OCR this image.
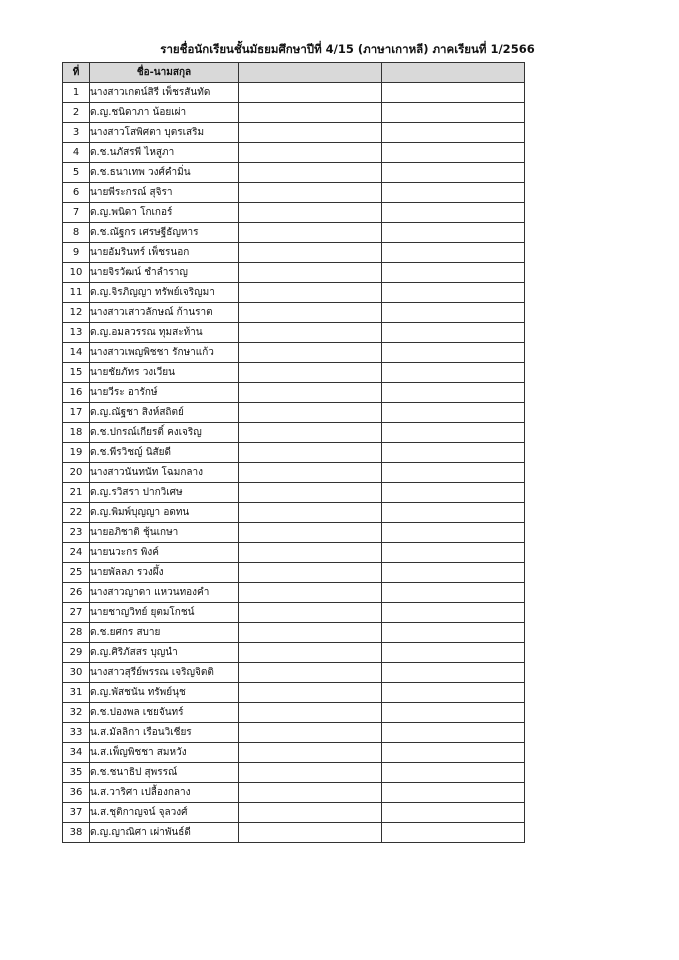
รายชื่อนักเรียนชั้นมัธยมศึกษาปีที่ 4/15 (ภาษาเกาหลี) ภาคเรียนที่ 1/2566
ที่	ชื่อ-นามสกุล		
1	นางสาวเกตน์สิรี เพ็ชรสันทัด		
2	ด.ญ.ชนิดาภา น้อยเผ่า		
3	นางสาวโสพิศตา บุตรเสริม		
4	ด.ช.นภัสรพี ไหสูภา		
5	ด.ช.ธนาเทพ วงศ์คำมิ่น		
6	นายพีระกรณ์ สุจิรา		
7	ด.ญ.พนิดา โกเกอร์		
8	ด.ช.ณัฐกร เศรษฐีธัญหาร		
9	นายอัมรินทร์ เพ็ชรนอก		
10	นายจิรวัฒน์ ชำลำราญ		
11	ด.ญ.จิรภิญญา ทรัพย์เจริญมา		
12	นางสาวเสาวลักษณ์ ก้านราต		
13	ด.ญ.อมลวรรณ ทุมสะท้าน		
14	นางสาวเพญพิชชา รักษาแก้ว		
15	นายชัยภัทร วงเวียน		
16	นายวีระ อารักษ์		
17	ด.ญ.ณัฐชา สิงห์สถิตย์		
18	ด.ช.ปกรณ์เกียรติ์ คงเจริญ		
19	ด.ช.พีรวิชญ์ นิสัยดี		
20	นางสาวนันทนัท โฉมกลาง		
21	ด.ญ.รวิสรา ปากวิเศษ		
22	ด.ญ.พิมพ์บุญญา อดทน		
23	นายอภิชาติ ชุ้นเกษา		
24	นายนวะกร พิงค์		
25	นายพัลลภ รวงผึ้ง		
26	นางสาวญาดา แหวนทองคำ		
27	นายชาญวิทย์ ยุตมโกชน์		
28	ด.ช.ยศกร สบาย		
29	ด.ญ.ศิริภัสสร บุญนำ		
30	นางสาวสุรีย์พรรณ เจริญจิตติ		
31	ด.ญ.พัสชนัน ทรัพย์นุช		
32	ด.ช.ปองพล เชยจันทร์		
33	น.ส.มัลลิกา เรือนวิเชียร		
34	น.ส.เพ็ญพิชชา สมหวัง		
35	ด.ช.ชนาธิป สุพรรณ์		
36	น.ส.วาริศา เปลื้องกลาง		
37	น.ส.ชุติกาญจน์ จุลวงศ์		
38	ด.ญ.ญาณิศา เผ่าพันธ์ดี		
